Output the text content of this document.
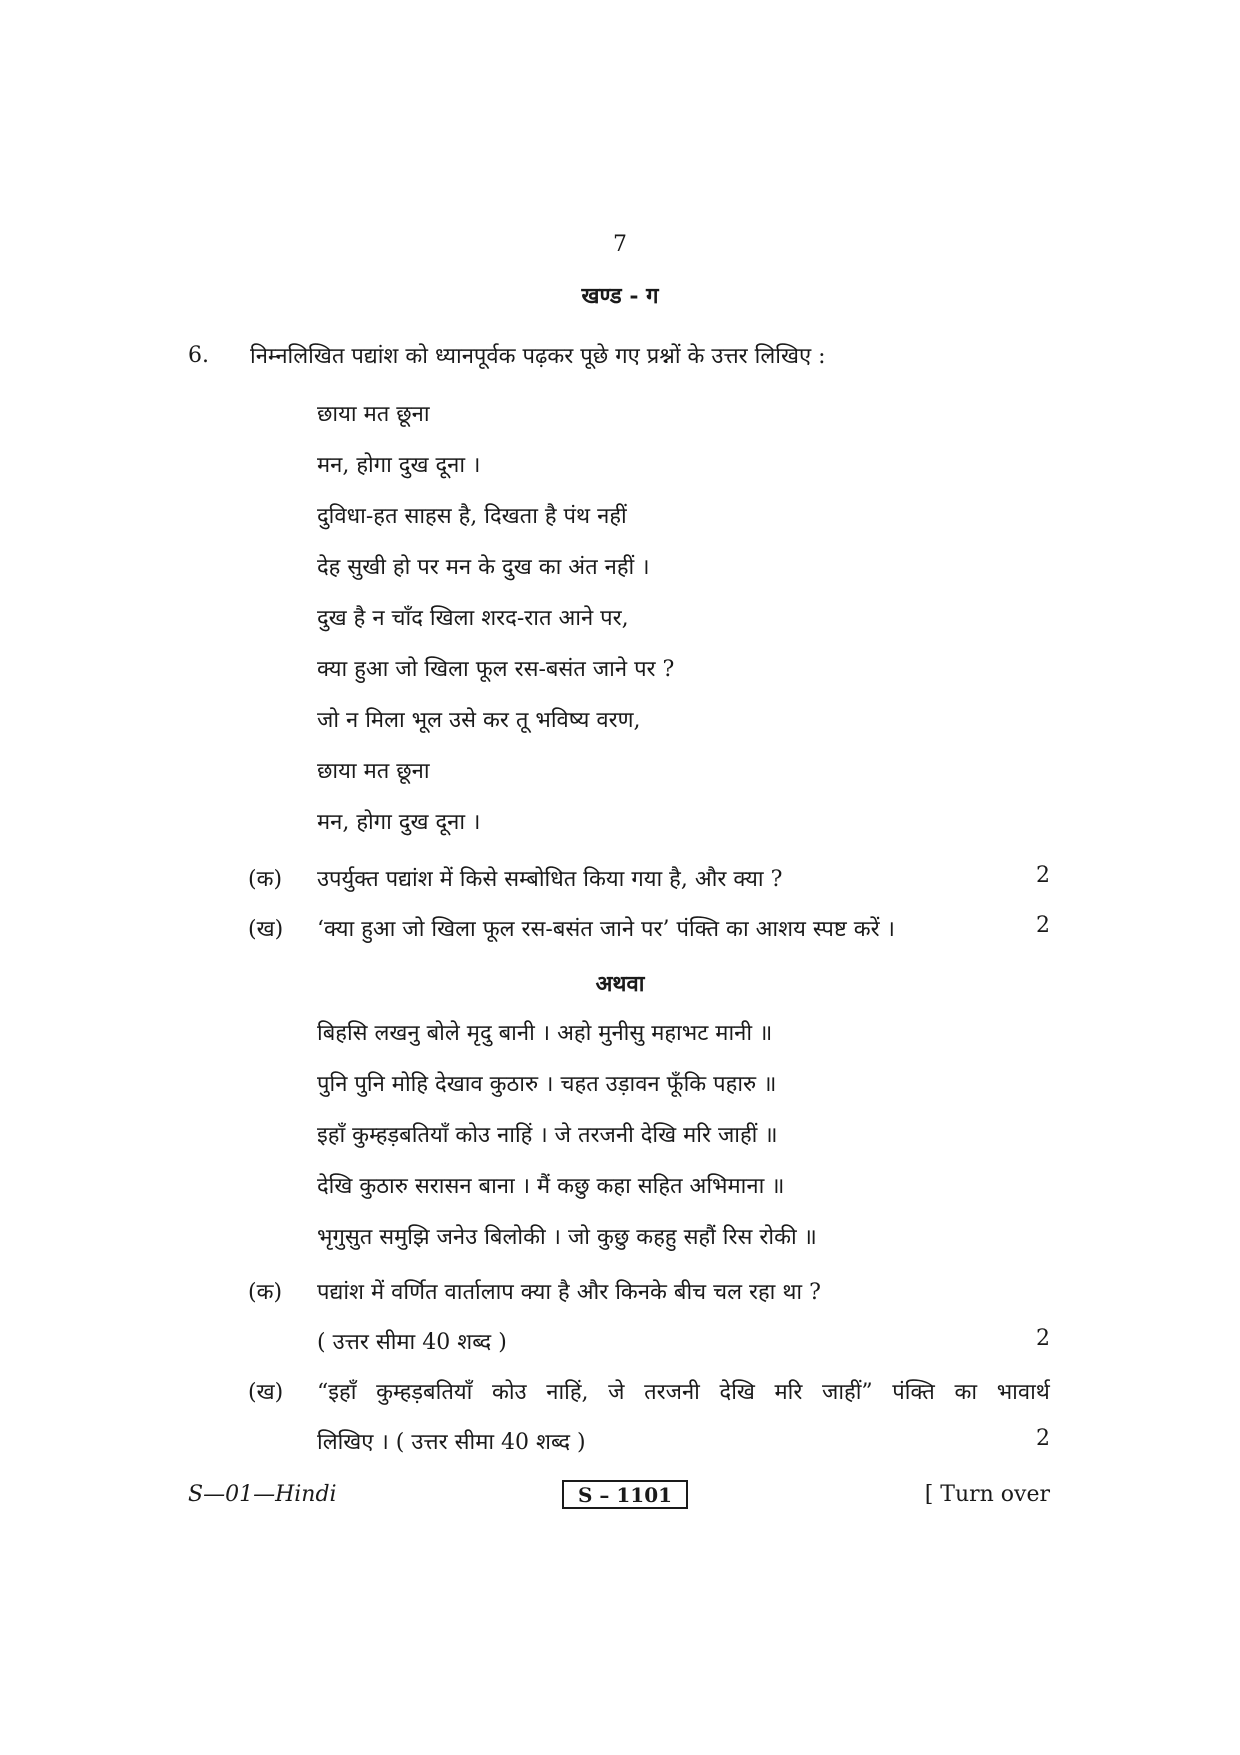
7
खण्ड - ग
6. निम्नलिखित पद्यांश को ध्यानपूर्वक पढ़कर पूछे गए प्रश्नों के उत्तर लिखिए :
छाया मत छूना
मन, होगा दुख दूना ।
दुविधा-हत साहस है, दिखता है पंथ नहीं
देह सुखी हो पर मन के दुख का अंत नहीं ।
दुख है न चाँद खिला शरद-रात आने पर,
क्या हुआ जो खिला फूल रस-बसंत जाने पर ?
जो न मिला भूल उसे कर तू भविष्य वरण,
छाया मत छूना
मन, होगा दुख दूना ।
(क) उपर्युक्त पद्यांश में किसे सम्बोधित किया गया है, और क्या ?	2
(ख) ‘क्या हुआ जो खिला फूल रस-बसंत जाने पर’ पंक्ति का आशय स्पष्ट करें ।	2
अथवा
बिहसि लखनु बोले मृदु बानी । अहो मुनीसु महाभट मानी ॥
पुनि पुनि मोहि देखाव कुठारु । चहत उड़ावन फूँकि पहारु ॥
इहाँ कुम्हड़बतियाँ कोउ नाहिं । जे तरजनी देखि मरि जाहीं ॥
देखि कुठारु सरासन बाना । मैं कछु कहा सहित अभिमाना ॥
भृगुसुत समुझि जनेउ बिलोकी । जो कुछु कहहु सहौं रिस रोकी ॥
(क) पद्यांश में वर्णित वार्तालाप क्या है और किनके बीच चल रहा था ?
( उत्तर सीमा 40 शब्द )	2
(ख) “इहाँ कुम्हड़बतियाँ कोउ नाहिं, जे तरजनी देखि मरि जाहीं” पंक्ति का भावार्थ
लिखिए । ( उत्तर सीमा 40 शब्द )	2
S—01—Hindi	S – 1101	[ Turn over
